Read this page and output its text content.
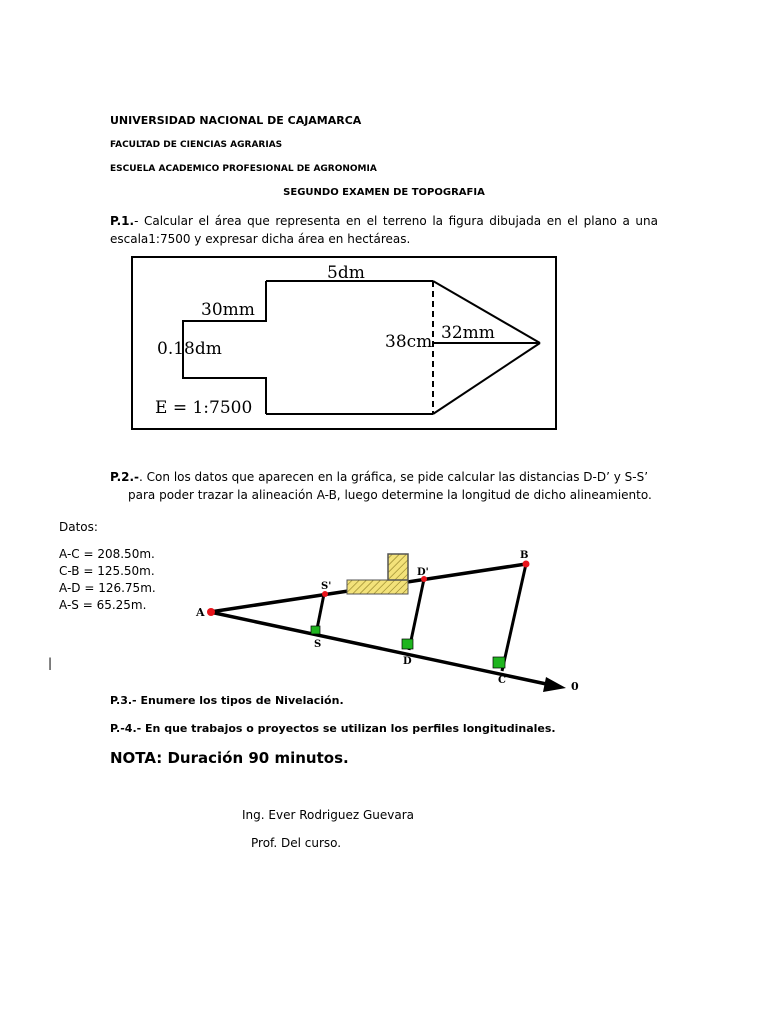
UNIVERSIDAD NACIONAL DE CAJAMARCA
FACULTAD DE CIENCIAS AGRARIAS
ESCUELA ACADEMICO PROFESIONAL DE AGRONOMIA
SEGUNDO EXAMEN DE TOPOGRAFIA
P.1.- Calcular el área que representa en el terreno la figura dibujada en el plano a una escala1:7500 y expresar dicha área en hectáreas.
5dm
30mm
0.18dm	38cm 32mm
E = 1:7500
P.2.-. Con los datos que aparecen en la gráfica, se pide calcular las distancias D-D’ y S-S’
para poder trazar la alineación A-B, luego determine la longitud de dicho alineamiento.
Datos:
A-C = 208.50m.
C-B = 125.50m.
A-D = 126.75m.
A-S = 65.25m.
A
S'
D'
B
S
D
C	0
|
P.3.- Enumere los tipos de Nivelación.
P.-4.- En que trabajos o proyectos se utilizan los perfiles longitudinales.
NOTA: Duración 90 minutos.
Ing. Ever Rodriguez Guevara
Prof. Del curso.
